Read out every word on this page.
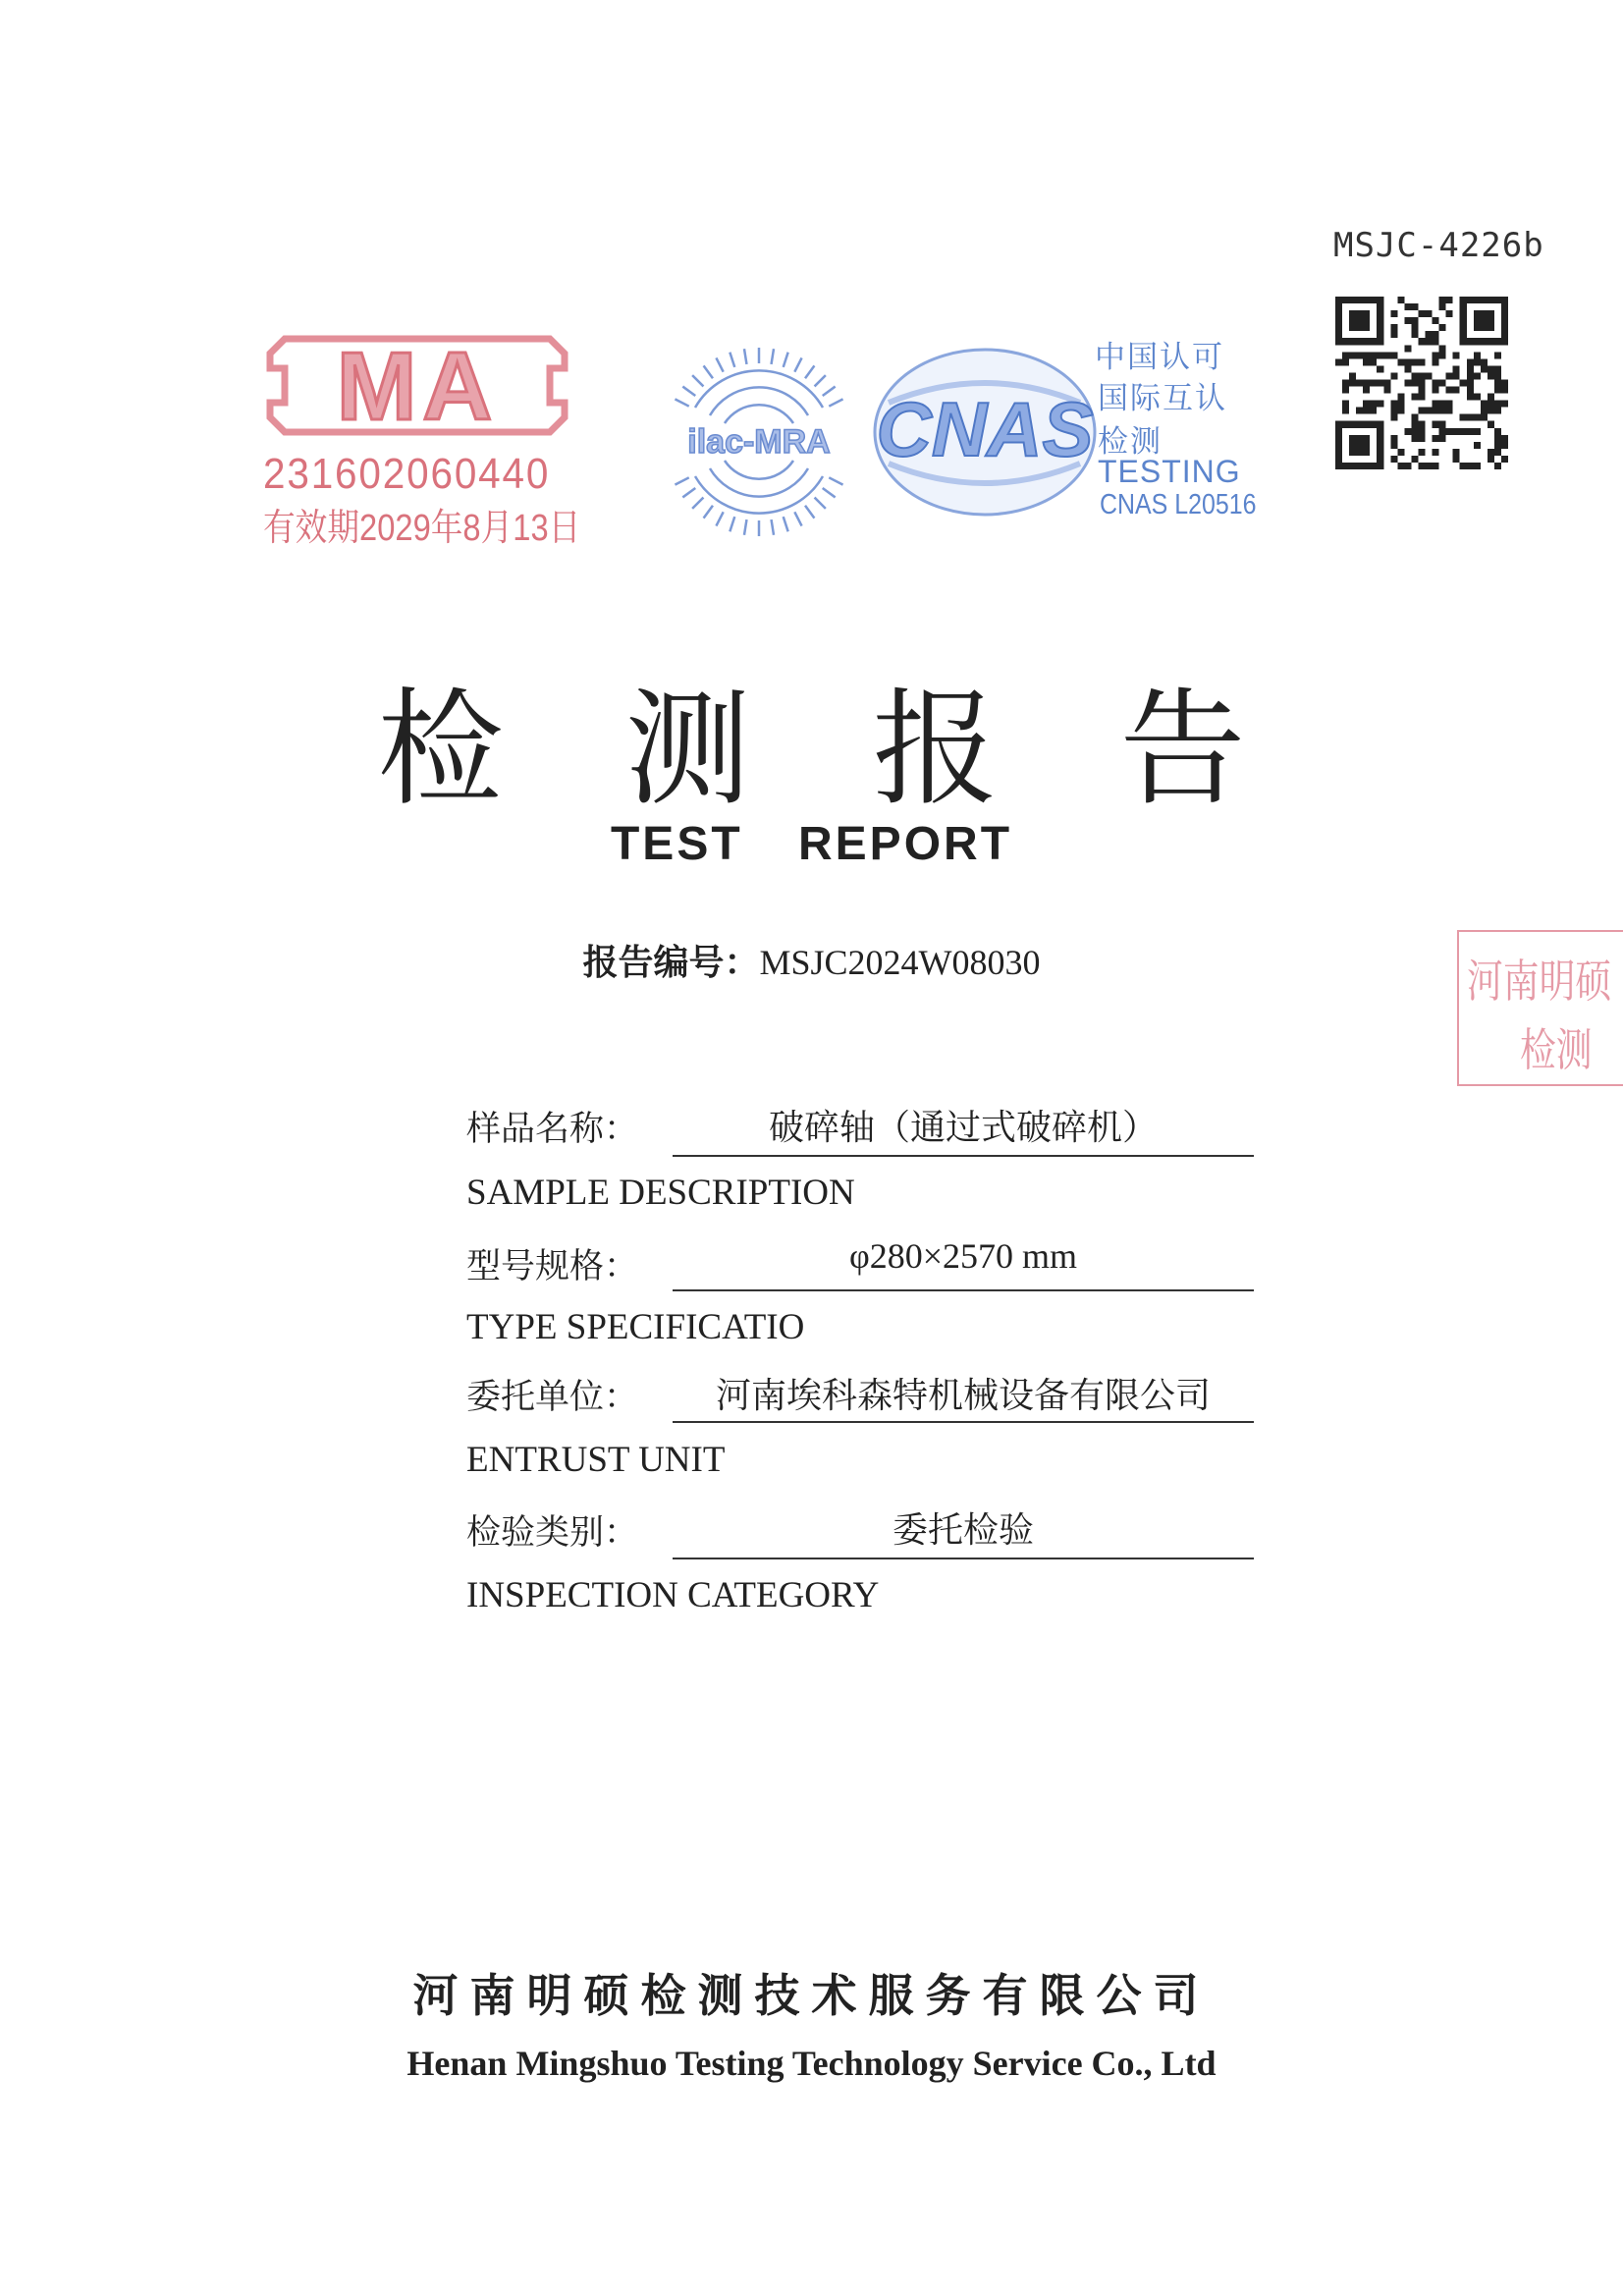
MSJC-4226b
MA
231602060440
有效期2029年8月13日
ilac-MRA CNAS
中国认可
国际互认
检测
TESTING
CNAS L20516
河南明硕
检测
检 测 报 告
TEST REPORT
报告编号：MSJC2024W08030
样品名称：	破碎轴（通过式破碎机）
SAMPLE DESCRIPTION
型号规格：	φ280×2570 mm
TYPE SPECIFICATIO
委托单位：	河南埃科森特机械设备有限公司
ENTRUST UNIT
检验类别：	委托检验
INSPECTION CATEGORY
河南明硕检测技术服务有限公司
Henan Mingshuo Testing Technology Service Co., Ltd
